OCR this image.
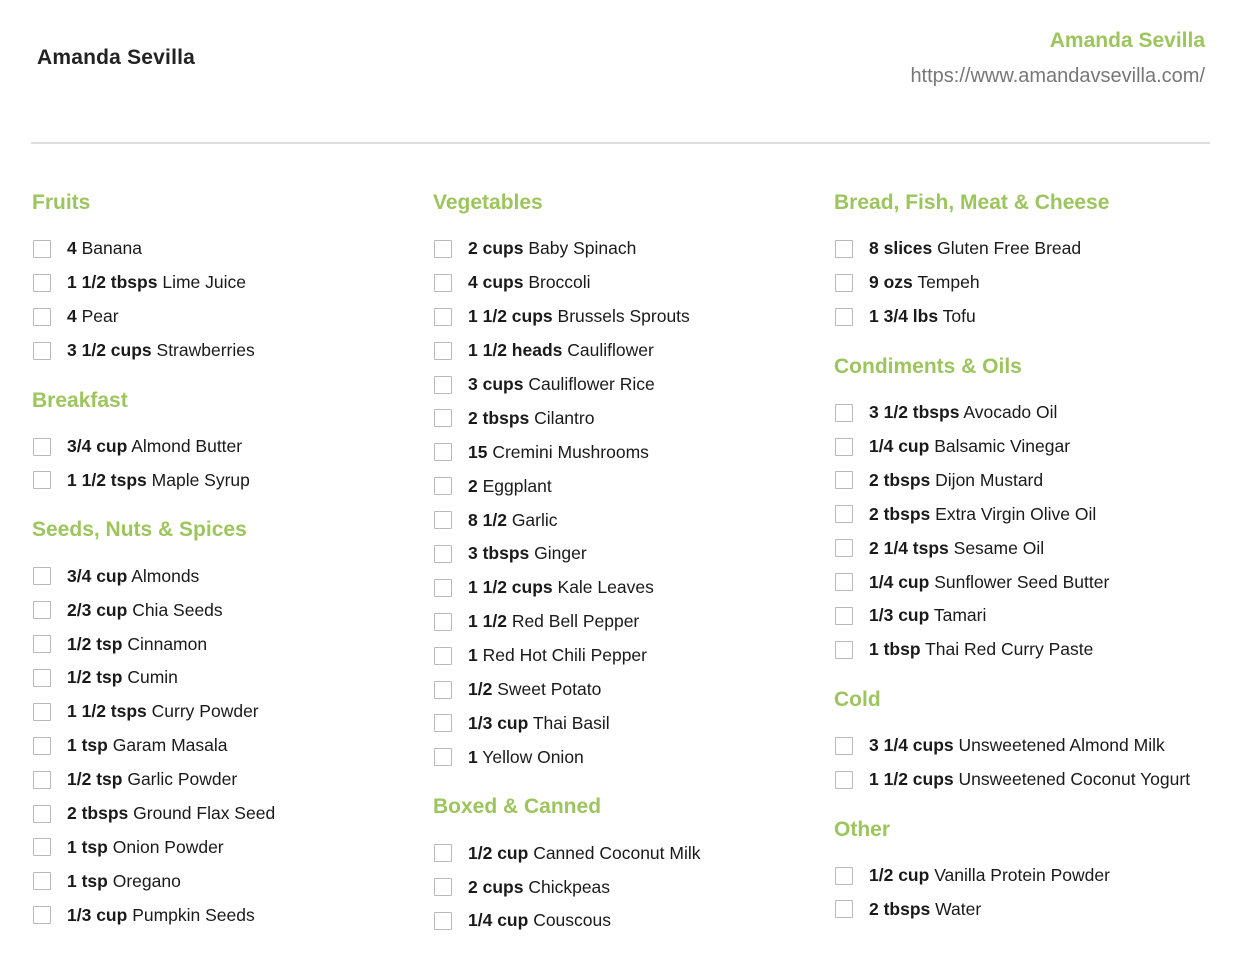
Amanda Sevilla
Amanda Sevilla
https://www.amandavsevilla.com/
Fruits
4 Banana
1 1/2 tbsps Lime Juice
4 Pear
3 1/2 cups Strawberries
Breakfast
3/4 cup Almond Butter
1 1/2 tsps Maple Syrup
Seeds, Nuts & Spices
3/4 cup Almonds
2/3 cup Chia Seeds
1/2 tsp Cinnamon
1/2 tsp Cumin
1 1/2 tsps Curry Powder
1 tsp Garam Masala
1/2 tsp Garlic Powder
2 tbsps Ground Flax Seed
1 tsp Onion Powder
1 tsp Oregano
1/3 cup Pumpkin Seeds
Vegetables
2 cups Baby Spinach
4 cups Broccoli
1 1/2 cups Brussels Sprouts
1 1/2 heads Cauliflower
3 cups Cauliflower Rice
2 tbsps Cilantro
15 Cremini Mushrooms
2 Eggplant
8 1/2 Garlic
3 tbsps Ginger
1 1/2 cups Kale Leaves
1 1/2 Red Bell Pepper
1 Red Hot Chili Pepper
1/2 Sweet Potato
1/3 cup Thai Basil
1 Yellow Onion
Boxed & Canned
1/2 cup Canned Coconut Milk
2 cups Chickpeas
1/4 cup Couscous
Bread, Fish, Meat & Cheese
8 slices Gluten Free Bread
9 ozs Tempeh
1 3/4 lbs Tofu
Condiments & Oils
3 1/2 tbsps Avocado Oil
1/4 cup Balsamic Vinegar
2 tbsps Dijon Mustard
2 tbsps Extra Virgin Olive Oil
2 1/4 tsps Sesame Oil
1/4 cup Sunflower Seed Butter
1/3 cup Tamari
1 tbsp Thai Red Curry Paste
Cold
3 1/4 cups Unsweetened Almond Milk
1 1/2 cups Unsweetened Coconut Yogurt
Other
1/2 cup Vanilla Protein Powder
2 tbsps Water
